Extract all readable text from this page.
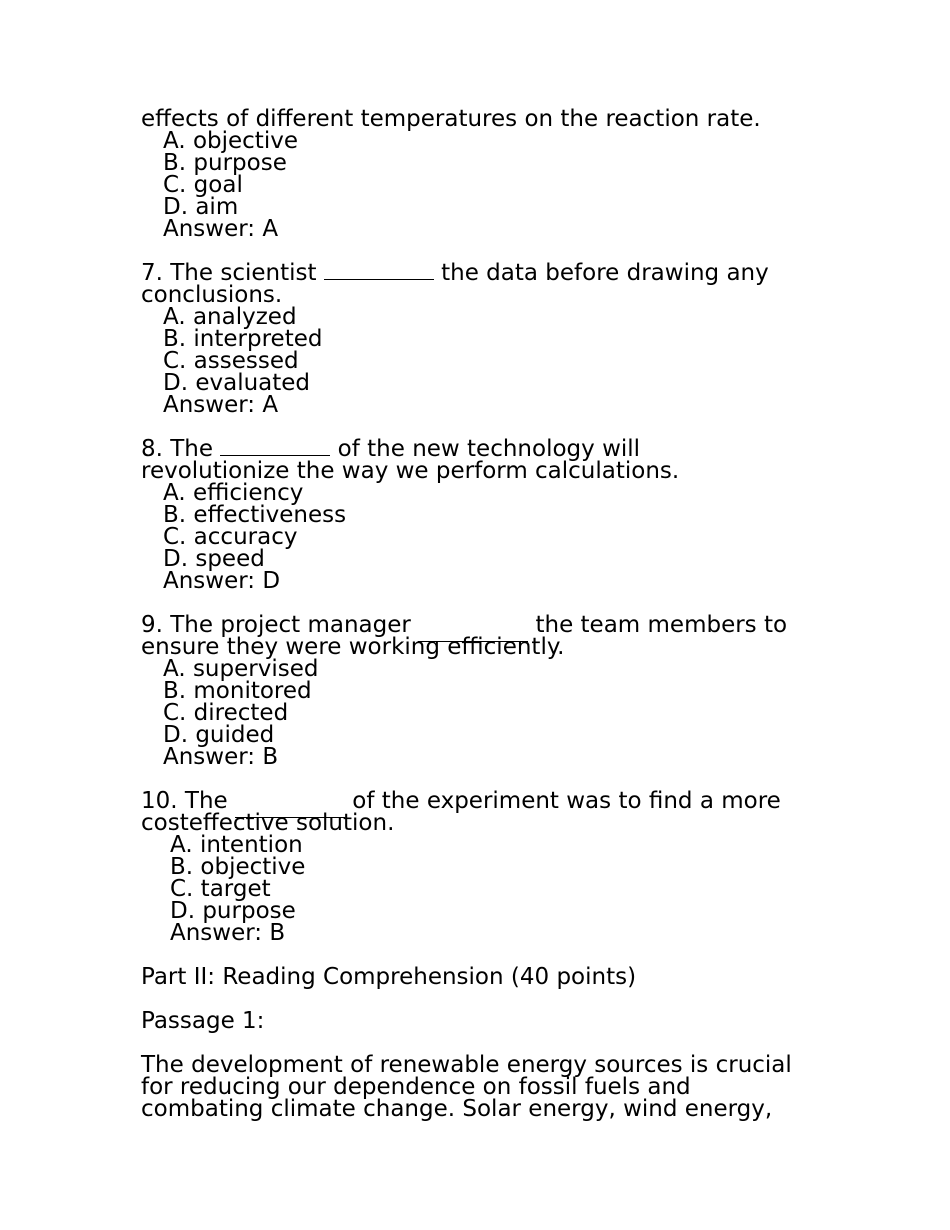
effects of different temperatures on the reaction rate.
A. objective
B. purpose
C. goal
D. aim
Answer: A
7. The scientist	the data before drawing any
conclusions.
A. analyzed
B. interpreted
C. assessed
D. evaluated
Answer: A
8. The	of the new technology will
revolutionize the way we perform calculations.
A. efficiency
B. effectiveness
C. accuracy
D. speed
Answer: D
9. The project manager	the team members to
ensure they were working efficiently.
A. supervised
B. monitored
C. directed
D. guided
Answer: B
10. The	of the experiment was to find a more
costeffective solution.
A. intention
B. objective
C. target
D. purpose
Answer: B
Part II: Reading Comprehension (40 points)
Passage 1:
The development of renewable energy sources is crucial
for reducing our dependence on fossil fuels and
combating climate change. Solar energy, wind energy,
